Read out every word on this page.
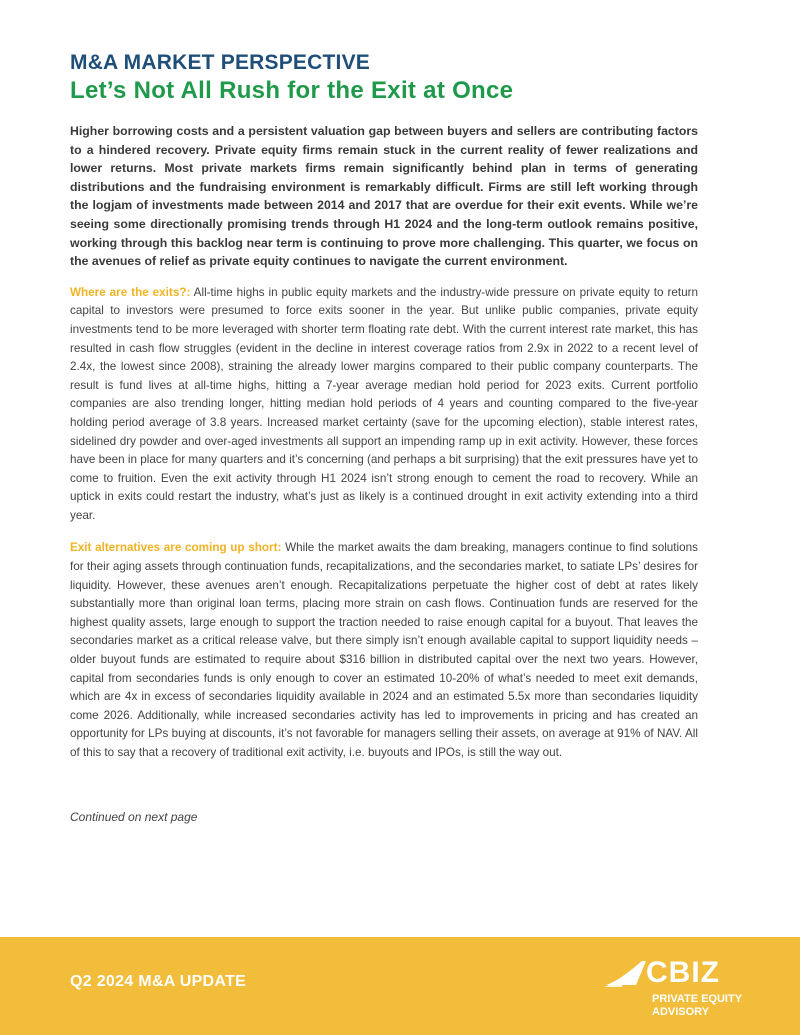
M&A MARKET PERSPECTIVE
Let’s Not All Rush for the Exit at Once

Higher borrowing costs and a persistent valuation gap between buyers and sellers are contributing factors to a hindered recovery. Private equity firms remain stuck in the current reality of fewer realizations and lower returns. Most private markets firms remain significantly behind plan in terms of generating distributions and the fundraising environment is remarkably difficult. Firms are still left working through the logjam of investments made between 2014 and 2017 that are overdue for their exit events. While we’re seeing some directionally promising trends through H1 2024 and the long-term outlook remains positive, working through this backlog near term is continuing to prove more challenging. This quarter, we focus on the avenues of relief as private equity continues to navigate the current environment.

Where are the exits?: All-time highs in public equity markets and the industry-wide pressure on private equity to return capital to investors were presumed to force exits sooner in the year. But unlike public companies, private equity investments tend to be more leveraged with shorter term floating rate debt. With the current interest rate market, this has resulted in cash flow struggles (evident in the decline in interest coverage ratios from 2.9x in 2022 to a recent level of 2.4x, the lowest since 2008), straining the already lower margins compared to their public company counterparts. The result is fund lives at all-time highs, hitting a 7-year average median hold period for 2023 exits. Current portfolio companies are also trending longer, hitting median hold periods of 4 years and counting compared to the five-year holding period average of 3.8 years. Increased market certainty (save for the upcoming election), stable interest rates, sidelined dry powder and over-aged investments all support an impending ramp up in exit activity. However, these forces have been in place for many quarters and it’s concerning (and perhaps a bit surprising) that the exit pressures have yet to come to fruition. Even the exit activity through H1 2024 isn’t strong enough to cement the road to recovery. While an uptick in exits could restart the industry, what’s just as likely is a continued drought in exit activity extending into a third year.

Exit alternatives are coming up short: While the market awaits the dam breaking, managers continue to find solutions for their aging assets through continuation funds, recapitalizations, and the secondaries market, to satiate LPs’ desires for liquidity. However, these avenues aren’t enough. Recapitalizations perpetuate the higher cost of debt at rates likely substantially more than original loan terms, placing more strain on cash flows. Continuation funds are reserved for the highest quality assets, large enough to support the traction needed to raise enough capital for a buyout. That leaves the secondaries market as a critical release valve, but there simply isn’t enough available capital to support liquidity needs – older buyout funds are estimated to require about $316 billion in distributed capital over the next two years. However, capital from secondaries funds is only enough to cover an estimated 10-20% of what’s needed to meet exit demands, which are 4x in excess of secondaries liquidity available in 2024 and an estimated 5.5x more than secondaries liquidity come 2026. Additionally, while increased secondaries activity has led to improvements in pricing and has created an opportunity for LPs buying at discounts, it’s not favorable for managers selling their assets, on average at 91% of NAV. All of this to say that a recovery of traditional exit activity, i.e. buyouts and IPOs, is still the way out.

Continued on next page
Q2 2024 M&A UPDATE	CBIZ
PRIVATE EQUITY
ADVISORY
